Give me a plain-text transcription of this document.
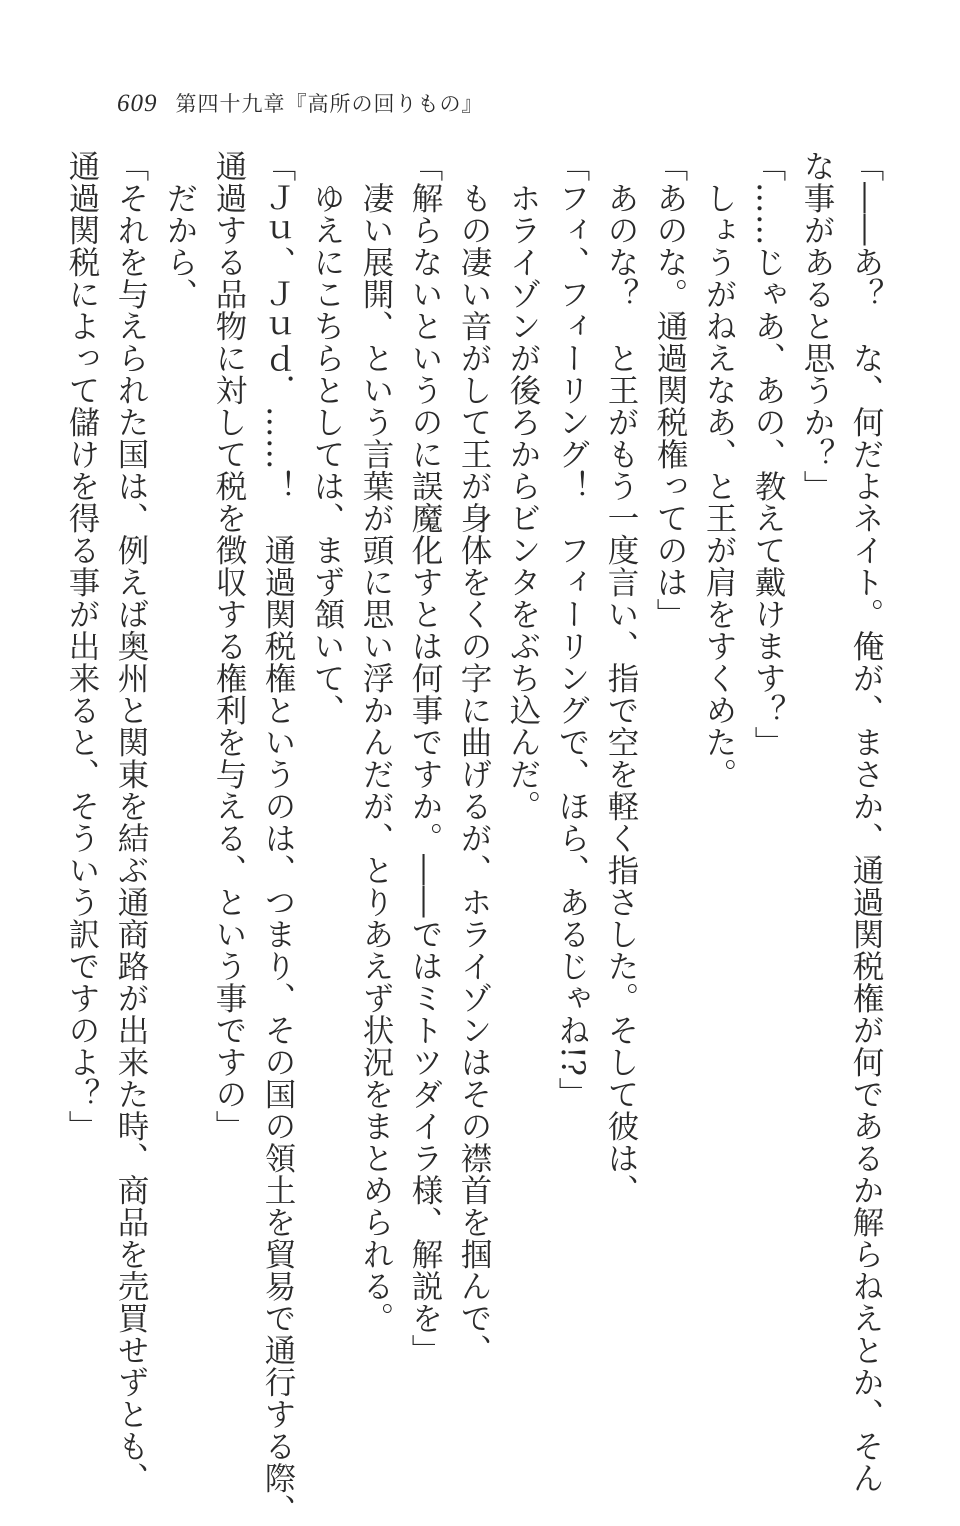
609 第四十九章『高所の回りもの』
「――あ？　な、何だよネイト。俺が、まさか、通過関税権が何であるか解らねえとか、そん
な事があると思うか？」
「……じゃあ、あの、教えて戴けます？」
　しょうがねえなあ、と王が肩をすくめた。
「あのな。通過関税権ってのは」
　あのな？　と王がもう一度言い、指で空を軽く指さした。そして彼は、
「フィ、フィーリング！　フィーリングで、ほら、あるじゃね!?」
　ホライゾンが後ろからビンタをぶち込んだ。
　もの凄い音がして王が身体をくの字に曲げるが、ホライゾンはその襟首を掴んで、
「解らないというのに誤魔化すとは何事ですか。――ではミトツダイラ様、解説を」
　凄い展開、という言葉が頭に思い浮かんだが、とりあえず状況をまとめられる。
　ゆえにこちらとしては、まず頷いて、
「Ｊｕ、Ｊｕｄ．……！　通過関税権というのは、つまり、その国の領土を貿易で通行する際、
通過する品物に対して税を徴収する権利を与える、という事ですの」
　だから、
「それを与えられた国は、例えば奥州と関東を結ぶ通商路が出来た時、商品を売買せずとも、
通過関税によって儲けを得る事が出来ると、そういう訳ですのよ？」
